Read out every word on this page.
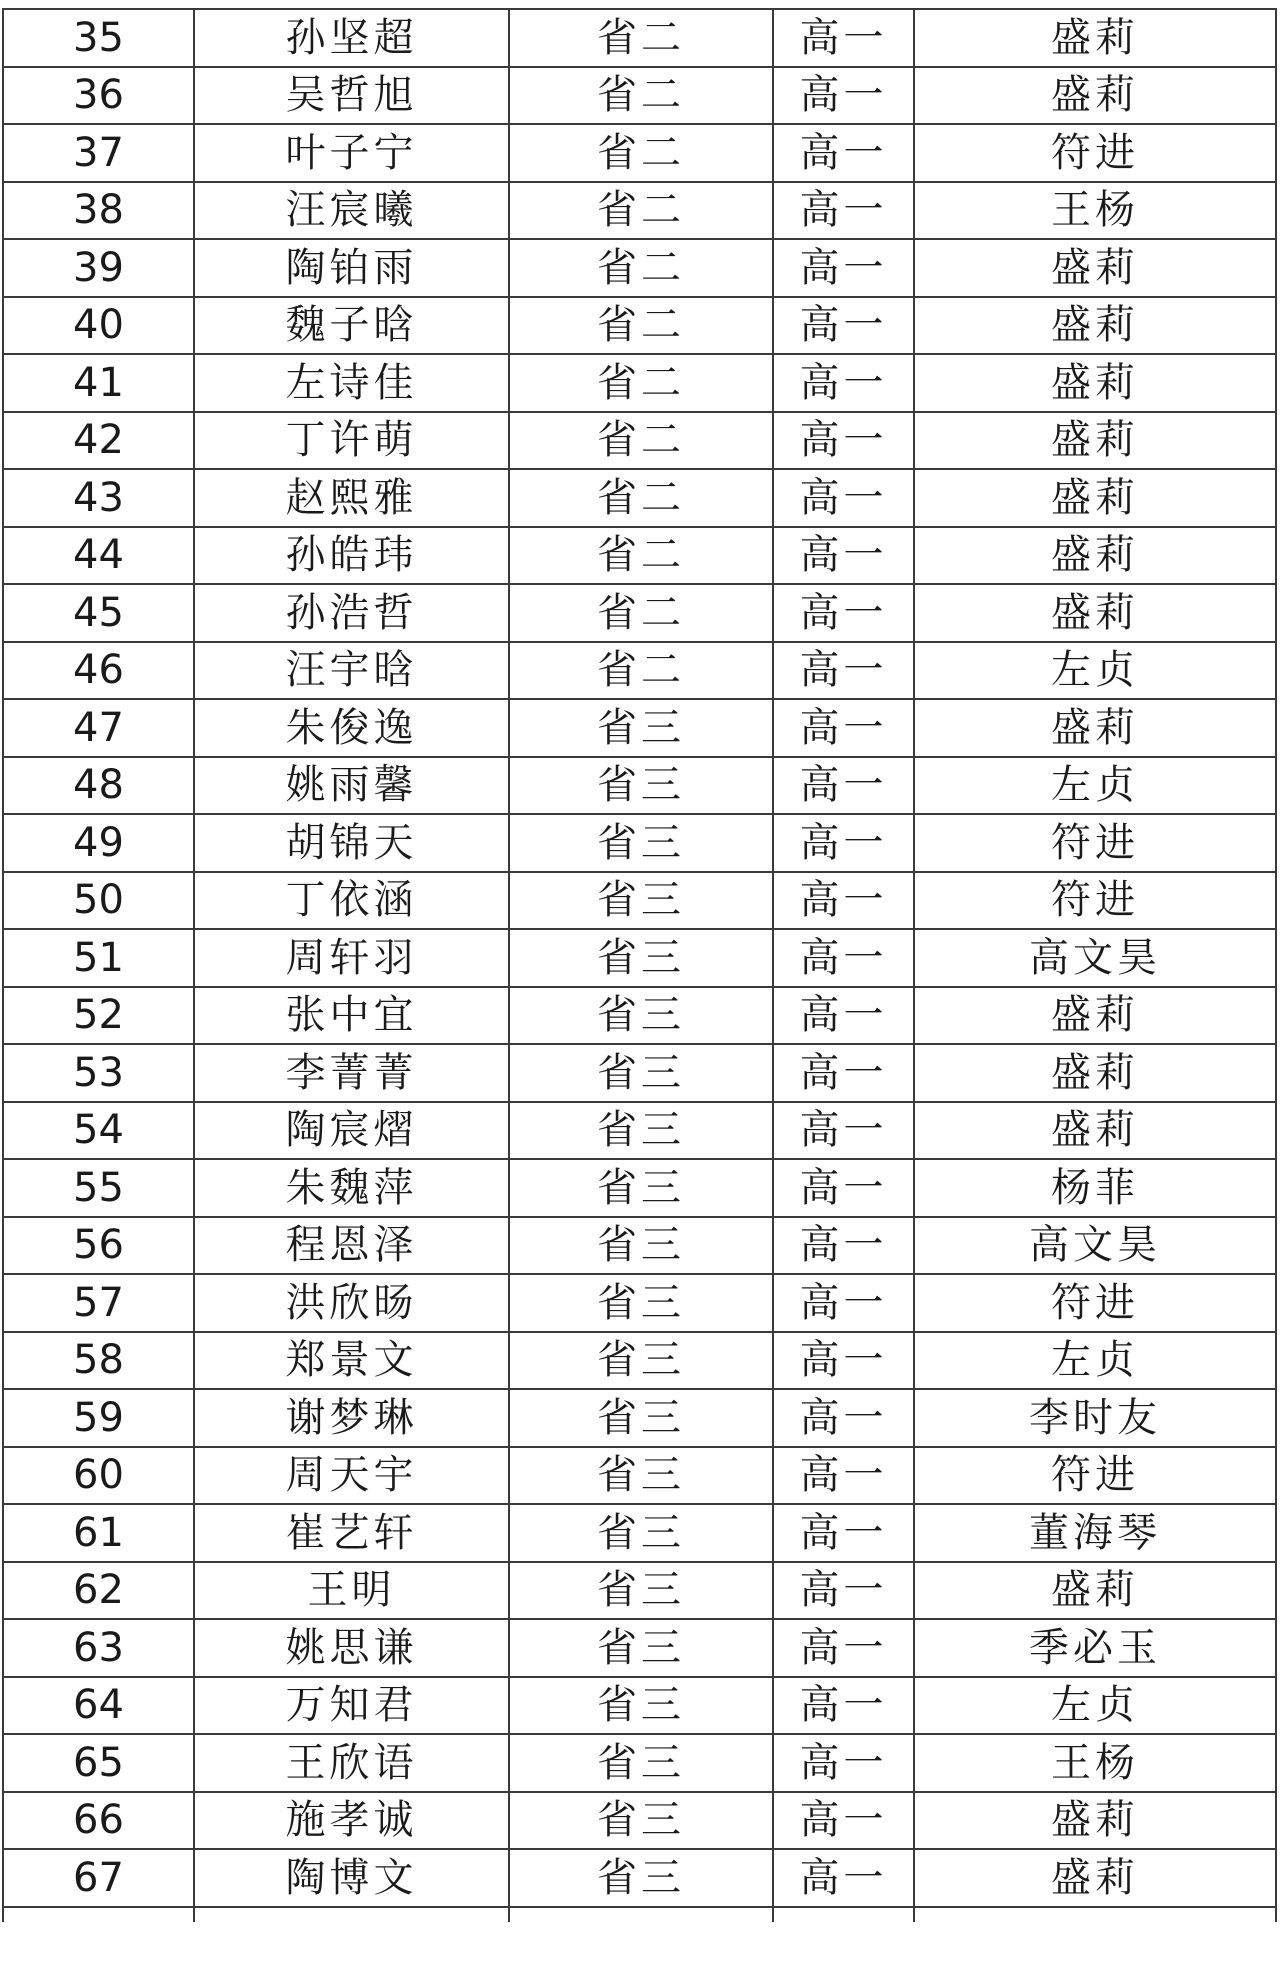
35	孙坚超	省二	高一	盛莉
36	吴哲旭	省二	高一	盛莉
37	叶子宁	省二	高一	符进
38	汪宸曦	省二	高一	王杨
39	陶铂雨	省二	高一	盛莉
40	魏子晗	省二	高一	盛莉
41	左诗佳	省二	高一	盛莉
42	丁许萌	省二	高一	盛莉
43	赵熙雅	省二	高一	盛莉
44	孙皓玮	省二	高一	盛莉
45	孙浩哲	省二	高一	盛莉
46	汪宇晗	省二	高一	左贞
47	朱俊逸	省三	高一	盛莉
48	姚雨馨	省三	高一	左贞
49	胡锦天	省三	高一	符进
50	丁依涵	省三	高一	符进
51	周轩羽	省三	高一	高文昊
52	张中宜	省三	高一	盛莉
53	李菁菁	省三	高一	盛莉
54	陶宸熠	省三	高一	盛莉
55	朱魏萍	省三	高一	杨菲
56	程恩泽	省三	高一	高文昊
57	洪欣旸	省三	高一	符进
58	郑景文	省三	高一	左贞
59	谢梦琳	省三	高一	李时友
60	周天宇	省三	高一	符进
61	崔艺轩	省三	高一	董海琴
62	王明	省三	高一	盛莉
63	姚思谦	省三	高一	季必玉
64	万知君	省三	高一	左贞
65	王欣语	省三	高一	王杨
66	施孝诚	省三	高一	盛莉
67	陶博文	省三	高一	盛莉
